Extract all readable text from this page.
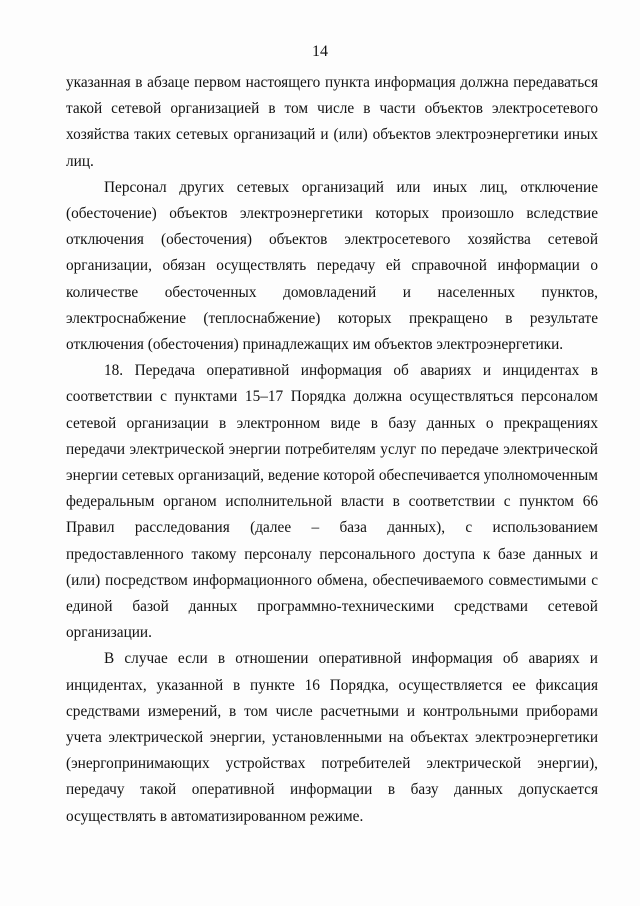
14

указанная в абзаце первом настоящего пункта информация должна передаваться такой сетевой организацией в том числе в части объектов электросетевого хозяйства таких сетевых организаций и (или) объектов электроэнергетики иных лиц.

Персонал других сетевых организаций или иных лиц, отключение (обесточение) объектов электроэнергетики которых произошло вследствие отключения (обесточения) объектов электросетевого хозяйства сетевой организации, обязан осуществлять передачу ей справочной информации о количестве обесточенных домовладений и населенных пунктов, электроснабжение (теплоснабжение) которых прекращено в результате отключения (обесточения) принадлежащих им объектов электроэнергетики.

18. Передача оперативной информация об авариях и инцидентах в соответствии с пунктами 15–17 Порядка должна осуществляться персоналом сетевой организации в электронном виде в базу данных о прекращениях передачи электрической энергии потребителям услуг по передаче электрической энергии сетевых организаций, ведение которой обеспечивается уполномоченным федеральным органом исполнительной власти в соответствии с пунктом 66 Правил расследования (далее – база данных), с использованием предоставленного такому персоналу персонального доступа к базе данных и (или) посредством информационного обмена, обеспечиваемого совместимыми с единой базой данных программно-техническими средствами сетевой организации.

В случае если в отношении оперативной информация об авариях и инцидентах, указанной в пункте 16 Порядка, осуществляется ее фиксация средствами измерений, в том числе расчетными и контрольными приборами учета электрической энергии, установленными на объектах электроэнергетики (энергопринимающих устройствах потребителей электрической энергии), передачу такой оперативной информации в базу данных допускается осуществлять в автоматизированном режиме.
